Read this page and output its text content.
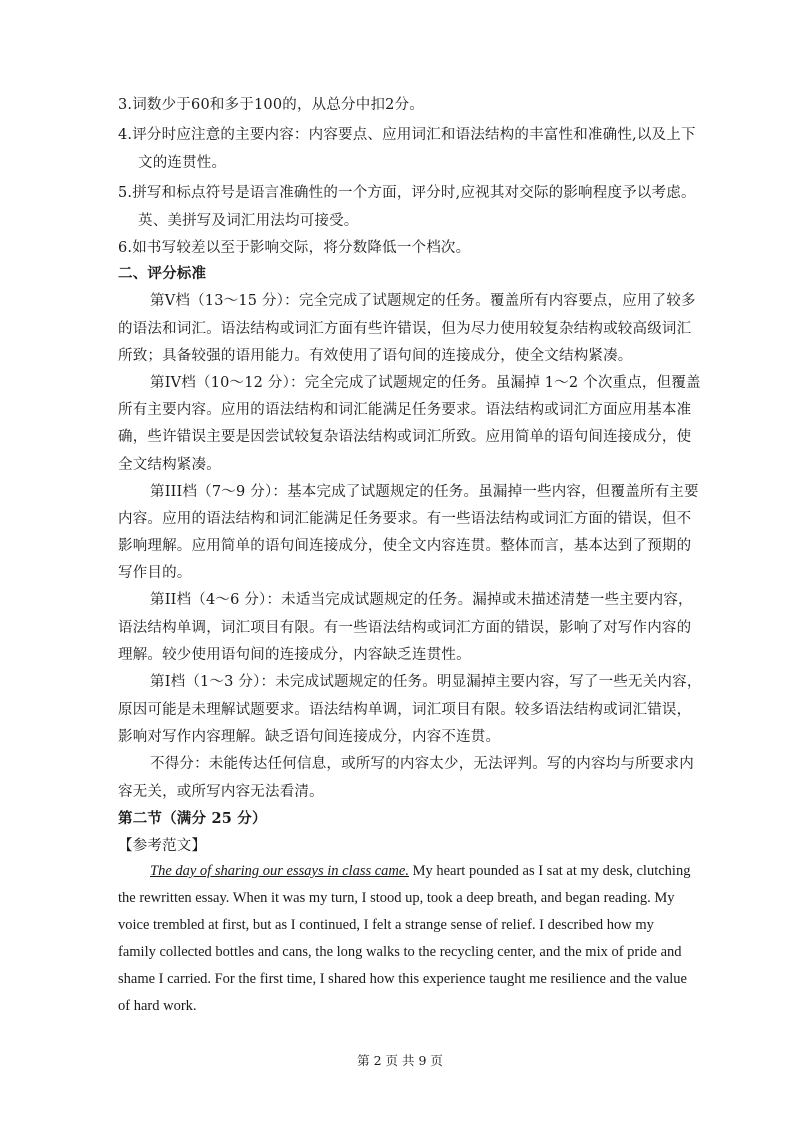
3.词数少于60和多于100的，从总分中扣2分。
4.评分时应注意的主要内容：内容要点、应用词汇和语法结构的丰富性和准确性,以及上下
文的连贯性。
5.拼写和标点符号是语言准确性的一个方面，评分时,应视其对交际的影响程度予以考虑。
英、美拼写及词汇用法均可接受。
6.如书写较差以至于影响交际，将分数降低一个档次。
二、评分标准
第V档（13～15 分）：完全完成了试题规定的任务。覆盖所有内容要点，应用了较多
的语法和词汇。语法结构或词汇方面有些许错误，但为尽力使用较复杂结构或较高级词汇
所致；具备较强的语用能力。有效使用了语句间的连接成分，使全文结构紧凑。
第IV档（10～12 分）：完全完成了试题规定的任务。虽漏掉 1～2 个次重点，但覆盖
所有主要内容。应用的语法结构和词汇能满足任务要求。语法结构或词汇方面应用基本准
确，些许错误主要是因尝试较复杂语法结构或词汇所致。应用简单的语句间连接成分，使
全文结构紧凑。
第III档（7～9 分）：基本完成了试题规定的任务。虽漏掉一些内容，但覆盖所有主要
内容。应用的语法结构和词汇能满足任务要求。有一些语法结构或词汇方面的错误，但不
影响理解。应用简单的语句间连接成分，使全文内容连贯。整体而言，基本达到了预期的
写作目的。
第II档（4～6 分）：未适当完成试题规定的任务。漏掉或未描述清楚一些主要内容，
语法结构单调，词汇项目有限。有一些语法结构或词汇方面的错误，影响了对写作内容的
理解。较少使用语句间的连接成分，内容缺乏连贯性。
第I档（1～3 分）：未完成试题规定的任务。明显漏掉主要内容，写了一些无关内容，
原因可能是未理解试题要求。语法结构单调，词汇项目有限。较多语法结构或词汇错误，
影响对写作内容理解。缺乏语句间连接成分，内容不连贯。
不得分：未能传达任何信息，或所写的内容太少，无法评判。写的内容均与所要求内
容无关，或所写内容无法看清。
第二节（满分 25 分）
【参考范文】
The day of sharing our essays in class came. My heart pounded as I sat at my desk, clutching
the rewritten essay. When it was my turn, I stood up, took a deep breath, and began reading. My
voice trembled at first, but as I continued, I felt a strange sense of relief. I described how my
family collected bottles and cans, the long walks to the recycling center, and the mix of pride and
shame I carried. For the first time, I shared how this experience taught me resilience and the value
of hard work.
第 2 页 共 9 页
